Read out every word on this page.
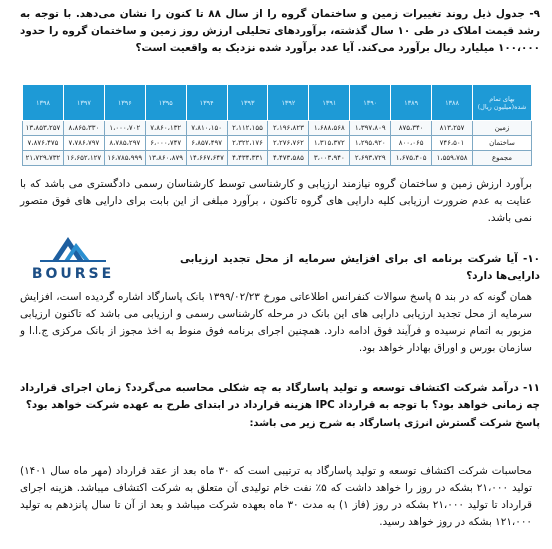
۹- جدول ذیل روند تغییرات زمین و ساختمان گروه را از سال ۸۸ تا کنون را نشان می‌دهد. با توجه به رشد قیمت املاک در طی ۱۰ سال گذشته، برآوردهای تحلیلی ارزش روز زمین و ساختمان گروه را حدود ۱۰۰،۰۰۰ میلیارد ریال برآورد می‌کند. آیا عدد برآورد شده نزدیک به واقعیت است؟
بهای تمام شده(میلیون ریال)	۱۳۸۸	۱۳۸۹	۱۳۹۰	۱۳۹۱	۱۳۹۲	۱۳۹۳	۱۳۹۴	۱۳۹۵	۱۳۹۶	۱۳۹۷	۱۳۹۸
زمین	۸۱۳،۲۵۷	۸۷۵،۳۴۰	۱،۳۹۷،۸۰۹	۱،۶۸۸،۵۶۸	۲،۱۹۶،۸۲۳	۲،۱۱۲،۱۵۵	۷،۸۱۰،۱۵۰	۷،۸۶۰،۱۳۲	۱،۰۰۰،۷۰۲	۸،۸۶۵،۳۳۰	۱۳،۸۵۳،۲۵۷
ساختمان	۷۴۶،۵۰۱	۸۰۰،۰۶۵	۱،۲۹۵،۹۲۰	۱،۳۱۵،۳۷۲	۲،۲۷۶،۷۶۲	۲،۳۲۲،۱۷۶	۶،۸۵۷،۴۹۷	۶،۰۰۰،۷۴۷	۸،۷۸۵،۲۹۷	۷،۷۸۶،۷۹۷	۷،۸۷۶،۴۷۵
مجموع	۱،۵۵۹،۷۵۸	۱،۶۷۵،۴۰۵	۲،۶۹۳،۷۲۹	۳،۰۰۳،۹۴۰	۴،۴۷۳،۵۸۵	۴،۴۳۴،۳۳۱	۱۴،۶۶۷،۶۴۷	۱۳،۸۶۰،۸۷۹	۱۶،۷۸۵،۹۹۹	۱۶،۶۵۲،۱۲۷	۲۱،۷۲۹،۷۳۲
برآورد ارزش زمین و ساختمان گروه نیازمند ارزیابی و کارشناسی توسط کارشناسان رسمی دادگستری می باشد که با عنایت به عدم ضرورت ارزیابی کلیه دارایی های گروه تاکنون ، برآورد مبلغی از این بابت برای دارایی های فوق متصور نمی باشد.
BOURSE
۱۰- آیا شرکت برنامه ای برای افزایش سرمایه از محل تجدید ارزیابی دارایی‌ها دارد؟
همان گونه که در بند ۵ پاسخ سوالات کنفرانس اطلاعاتی مورخ ۱۳۹۹/۰۲/۲۳ بانک پاسارگاد اشاره گردیده است، افزایش سرمایه از محل تجدید ارزیابی دارایی های این بانک در مرحله کارشناسی رسمی و ارزیابی می باشد که تاکنون ارزیابی مزبور به اتمام نرسیده و فرآیند فوق ادامه دارد. همچنین اجرای برنامه فوق منوط به اخذ مجوز از بانک مرکزی ج.ا.ا و سازمان بورس و اوراق بهادار خواهد بود.
۱۱- درآمد شرکت اکتشاف توسعه و تولید پاسارگاد به چه شکلی محاسبه می‌گردد؟ زمان اجرای قرارداد چه زمانی خواهد بود؟ با توجه به قرارداد IPC هزینه قرارداد در ابتدای طرح به عهده شرکت خواهد بود؟
پاسخ شرکت گسترش انرژی پاسارگاد به شرح زیر می باشد:
محاسبات شرکت اکتشاف توسعه و تولید پاسارگاد به ترتیبی است که ۳۰ ماه بعد از عقد قرارداد (مهر ماه سال ۱۴۰۱) تولید ۲۱،۰۰۰ بشکه در روز را خواهد داشت که ۵٪ نفت خام تولیدی آن متعلق به شرکت اکتشاف میباشد. هزینه اجرای قرارداد تا تولید ۲۱،۰۰۰ بشکه در روز (فاز ۱) به مدت ۳۰ ماه بعهده شرکت میباشد و بعد از آن تا سال پانزدهم به تولید ۱۲۱،۰۰۰ بشکه در روز خواهد رسید.
